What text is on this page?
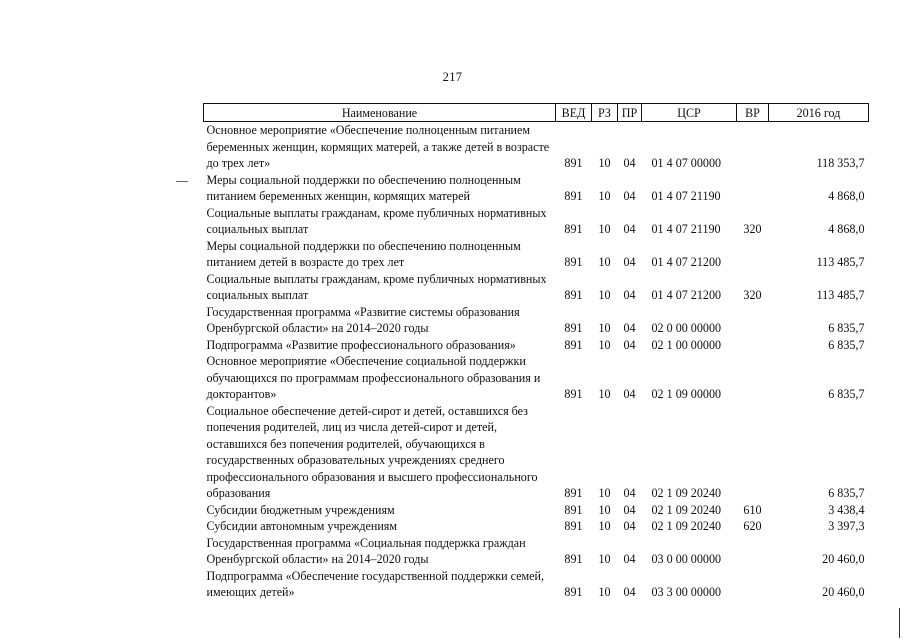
217
Наименование	ВЕД	РЗ	ПР	ЦСР	ВР	2016 год
Основное мероприятие «Обеспечение полноценным питанием беременных женщин, кормящих матерей, а также детей в возрасте до трех лет»	891	10	04	01 4 07 00000		118 353,7
Меры социальной поддержки по обеспечению полноценным питанием беременных женщин, кормящих матерей	891	10	04	01 4 07 21190		4 868,0
Социальные выплаты гражданам, кроме публичных нормативных социальных выплат	891	10	04	01 4 07 21190	320	4 868,0
Меры социальной поддержки по обеспечению полноценным питанием детей в возрасте до трех лет	891	10	04	01 4 07 21200		113 485,7
Социальные выплаты гражданам, кроме публичных нормативных социальных выплат	891	10	04	01 4 07 21200	320	113 485,7
Государственная программа «Развитие системы образования Оренбургской области» на 2014–2020 годы	891	10	04	02 0 00 00000		6 835,7
Подпрограмма «Развитие профессионального образования»	891	10	04	02 1 00 00000		6 835,7
Основное мероприятие «Обеспечение социальной поддержки обучающихся по программам профессионального образования и докторантов»	891	10	04	02 1 09 00000		6 835,7
Социальное обеспечение детей-сирот и детей, оставшихся без попечения родителей, лиц из числа детей-сирот и детей, оставшихся без попечения родителей, обучающихся в государственных образовательных учреждениях среднего профессионального образования и высшего профессионального образования	891	10	04	02 1 09 20240		6 835,7
Субсидии бюджетным учреждениям	891	10	04	02 1 09 20240	610	3 438,4
Субсидии автономным учреждениям	891	10	04	02 1 09 20240	620	3 397,3
Государственная программа «Социальная поддержка граждан Оренбургской области» на 2014–2020 годы	891	10	04	03 0 00 00000		20 460,0
Подпрограмма «Обеспечение государственной поддержки семей, имеющих детей»	891	10	04	03 3 00 00000		20 460,0
